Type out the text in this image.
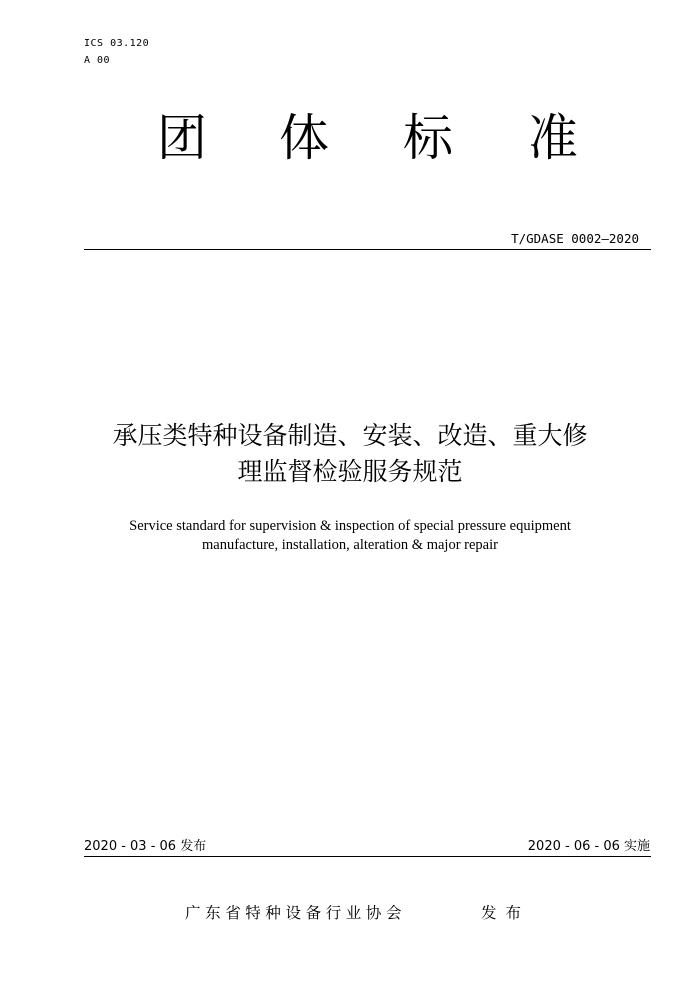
ICS 03.120
A 00
团 体 标 准
T/GDASE 0002—2020
承压类特种设备制造、安装、改造、重大修
理监督检验服务规范
Service standard for supervision & inspection of special pressure equipment
manufacture, installation, alteration & major repair
2020 - 03 - 06 发布	2020 - 06 - 06 实施
广东省特种设备行业协会	发布
